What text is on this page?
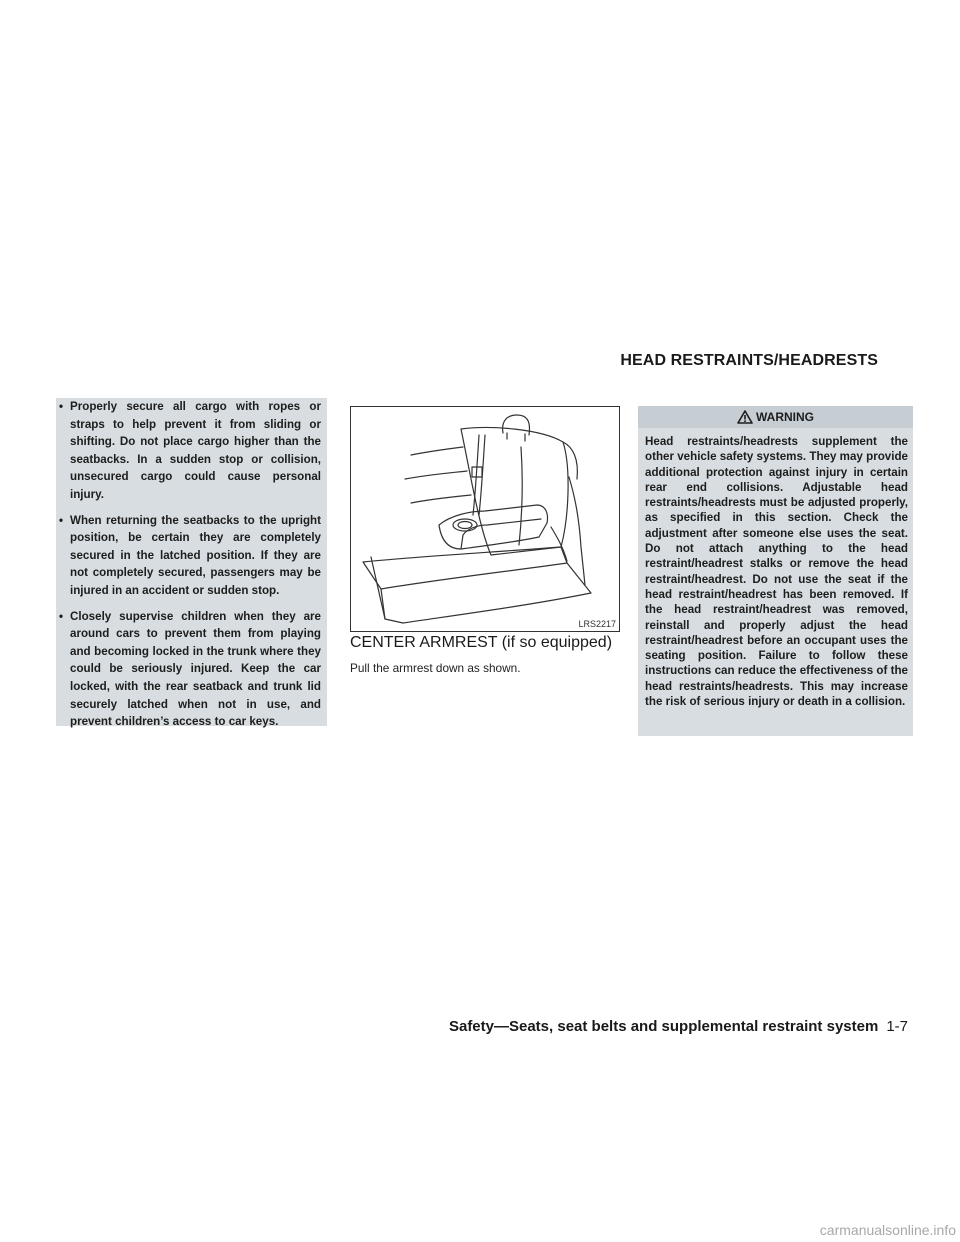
HEAD RESTRAINTS/HEADRESTS
• Properly secure all cargo with ropes or straps to help prevent it from sliding or shifting. Do not place cargo higher than the seatbacks. In a sudden stop or collision, unsecured cargo could cause personal injury.
• When returning the seatbacks to the upright position, be certain they are completely secured in the latched position. If they are not completely secured, passengers may be injured in an accident or sudden stop.
• Closely supervise children when they are around cars to prevent them from playing and becoming locked in the trunk where they could be seriously injured. Keep the car locked, with the rear seatback and trunk lid securely latched when not in use, and prevent children’s access to car keys.
LRS2217
CENTER ARMREST (if so equipped)
Pull the armrest down as shown.
WARNING

Head restraints/headrests supplement the other vehicle safety systems. They may provide additional protection against injury in certain rear end collisions. Adjustable head restraints/headrests must be adjusted properly, as specified in this section. Check the adjustment after someone else uses the seat. Do not attach anything to the head restraint/headrest stalks or remove the head restraint/headrest. Do not use the seat if the head restraint/headrest has been removed. If the head restraint/headrest was removed, reinstall and properly adjust the head restraint/headrest before an occupant uses the seating position. Failure to follow these instructions can reduce the effectiveness of the head restraints/headrests. This may increase the risk of serious injury or death in a collision.

Safety—Seats, seat belts and supplemental restraint system 1-7
carmanualsonline.info
